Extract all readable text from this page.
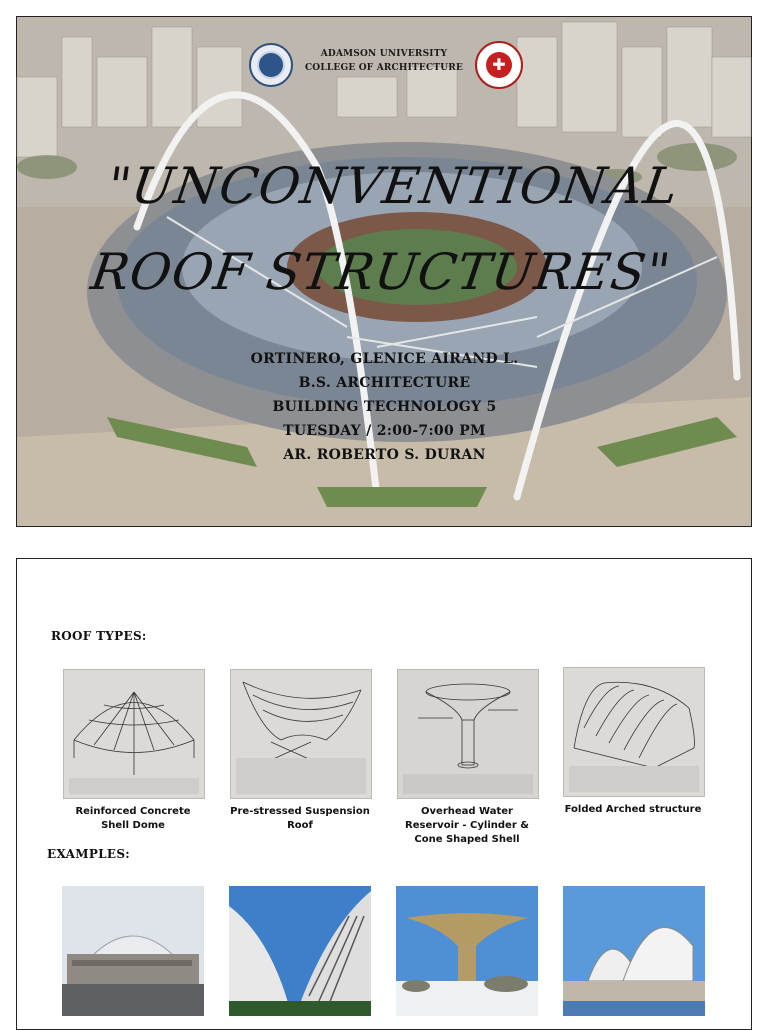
ADAMSON UNIVERSITY
COLLEGE OF ARCHITECTURE	✚
"UNCONVENTIONAL
ROOF STRUCTURES"
ORTINERO, GLENICE AIRAND L.
B.S. ARCHITECTURE
BUILDING TECHNOLOGY 5
TUESDAY / 2:00-7:00 PM
AR. ROBERTO S. DURAN
ROOF TYPES:
Reinforced Concrete Shell Dome
Pre-stressed Suspension Roof
Overhead Water Reservoir - Cylinder & Cone Shaped Shell
Folded Arched structure
EXAMPLES:
